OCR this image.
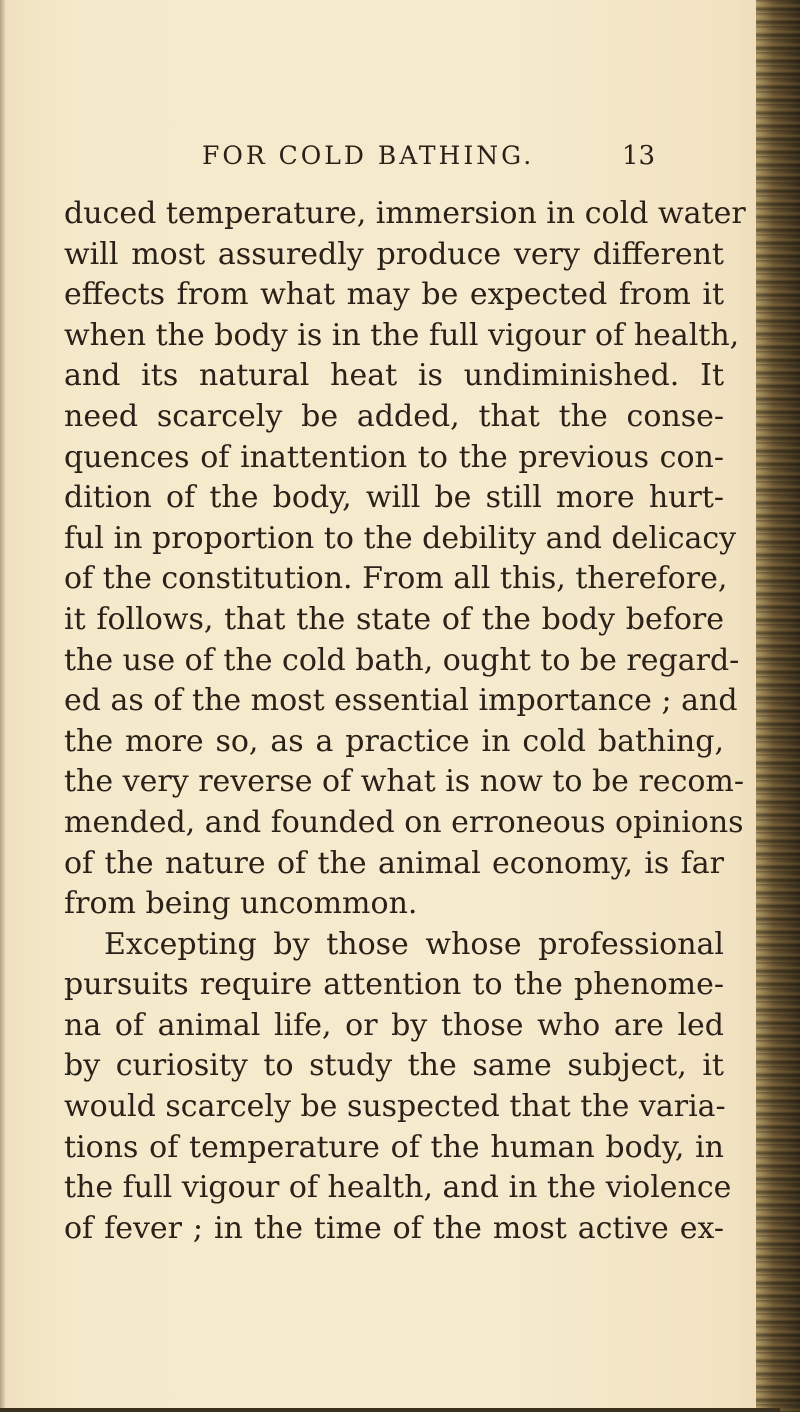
FOR COLD BATHING.	13
duced temperature, immersion in cold water
will most assuredly produce very different
effects from what may be expected from it
when the body is in the full vigour of health,
and its natural heat is undiminished. It
need scarcely be added, that the conse-
quences of inattention to the previous con-
dition of the body, will be still more hurt-
ful in proportion to the debility and delicacy
of the constitution. From all this, therefore,
it follows, that the state of the body before
the use of the cold bath, ought to be regard-
ed as of the most essential importance ; and
the more so, as a practice in cold bathing,
the very reverse of what is now to be recom-
mended, and founded on erroneous opinions
of the nature of the animal economy, is far
from being uncommon.
Excepting by those whose professional
pursuits require attention to the phenome-
na of animal life, or by those who are led
by curiosity to study the same subject, it
would scarcely be suspected that the varia-
tions of temperature of the human body, in
the full vigour of health, and in the violence
of fever ; in the time of the most active ex-
